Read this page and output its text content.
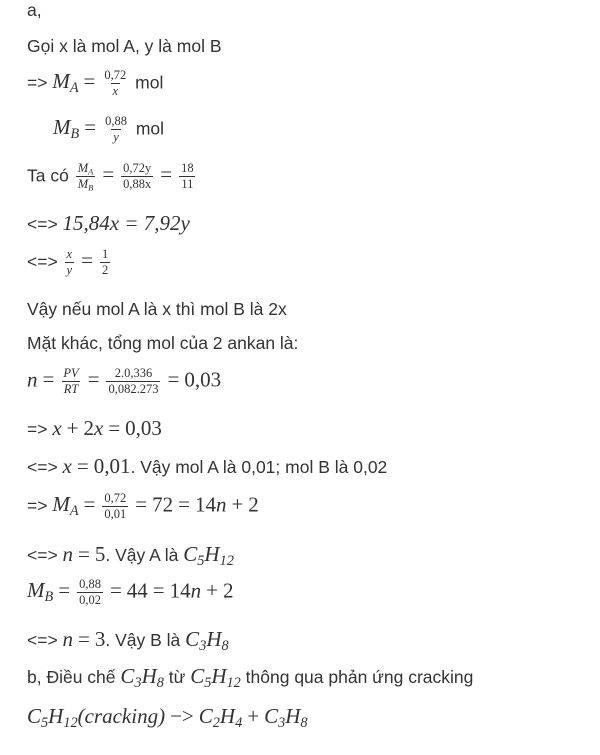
a,
Gọi x là mol A, y là mol B
=> $M_A = \frac{0,72}{x}$ mol
$M_B = \frac{0,88}{y}$ mol
Ta có $\frac{M_A}{M_B} = \frac{0,72y}{0,88x} = \frac{18}{11}$
<=> 15,84x = 7,92y
<=> $\frac{x}{y} = \frac{1}{2}$
Vậy nếu mol A là x thì mol B là 2x
Mặt khác, tổng mol của 2 ankan là:
$n = \frac{PV}{RT} = \frac{2.0,336}{0,082.273} = 0,03$
=> x + 2x = 0,03
<=> x = 0,01. Vậy mol A là 0,01; mol B là 0,02
=> $M_A = \frac{0,72}{0,01} = 72 = 14n + 2$
<=> n = 5. Vậy A là $C_5H_{12}$
$M_B = \frac{0,88}{0,02} = 44 = 14n + 2$
<=> n = 3. Vậy B là $C_3H_8$
b, Điều chế $C_3H_8$ từ $C_5H_{12}$ thông qua phản ứng cracking
$C_5H_{12}(cracking) -> C_2H_4 + C_3H_8$
